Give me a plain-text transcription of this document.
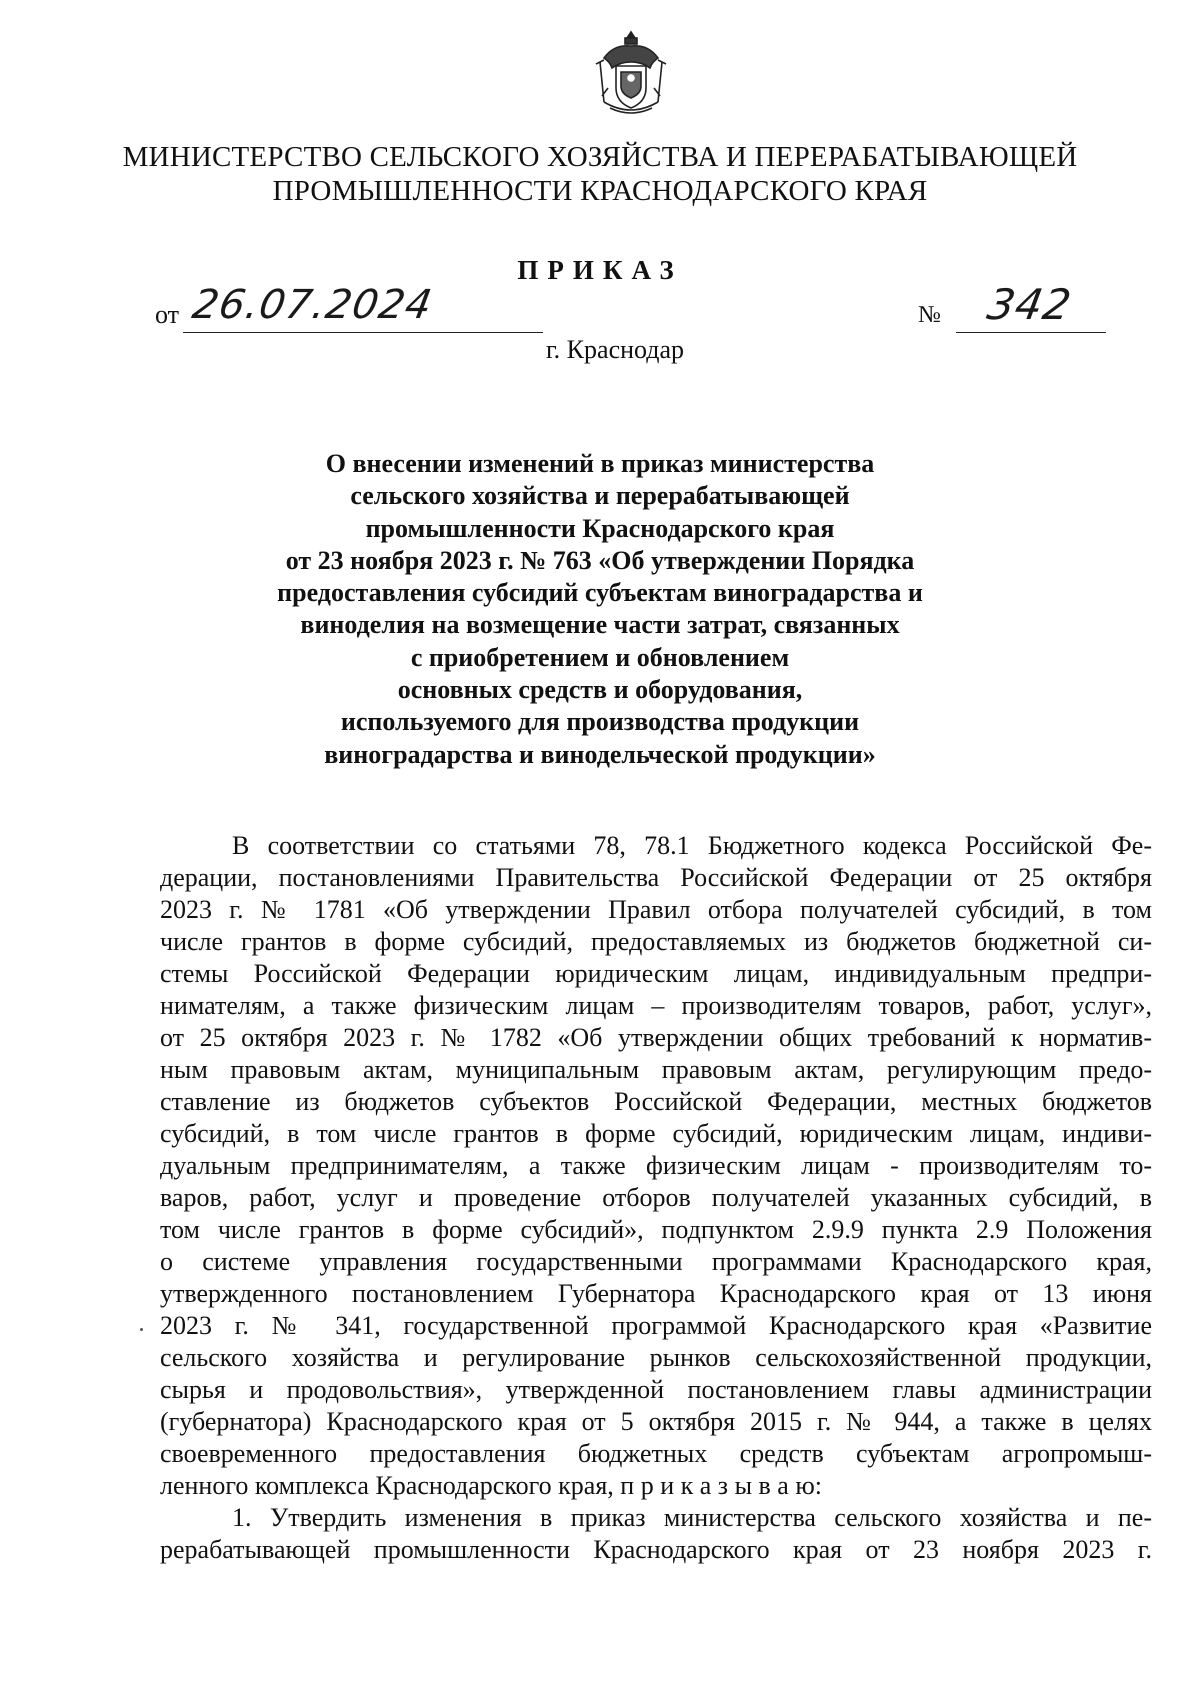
МИНИСТЕРСТВО СЕЛЬСКОГО ХОЗЯЙСТВА И ПЕРЕРАБАТЫВАЮЩЕЙ
ПРОМЫШЛЕННОСТИ КРАСНОДАРСКОГО КРАЯ
ПРИКАЗ
от 26.07.2024	№ 342
г. Краснодар
О внесении изменений в приказ министерства
сельского хозяйства и перерабатывающей
промышленности Краснодарского края
от 23 ноября 2023 г. № 763 «Об утверждении Порядка
предоставления субсидий субъектам виноградарства и
виноделия на возмещение части затрат, связанных
с приобретением и обновлением
основных средств и оборудования,
используемого для производства продукции
виноградарства и винодельческой продукции»
В соответствии со статьями 78, 78.1 Бюджетного кодекса Российской Фе-
дерации, постановлениями Правительства Российской Федерации от 25 октября
2023 г. № 1781 «Об утверждении Правил отбора получателей субсидий, в том
числе грантов в форме субсидий, предоставляемых из бюджетов бюджетной си-
стемы Российской Федерации юридическим лицам, индивидуальным предпри-
нимателям, а также физическим лицам – производителям товаров, работ, услуг»,
от 25 октября 2023 г. № 1782 «Об утверждении общих требований к норматив-
ным правовым актам, муниципальным правовым актам, регулирующим предо-
ставление из бюджетов субъектов Российской Федерации, местных бюджетов
субсидий, в том числе грантов в форме субсидий, юридическим лицам, индиви-
дуальным предпринимателям, а также физическим лицам - производителям то-
варов, работ, услуг и проведение отборов получателей указанных субсидий, в
том числе грантов в форме субсидий», подпунктом 2.9.9 пункта 2.9 Положения
о системе управления государственными программами Краснодарского края,
утвержденного постановлением Губернатора Краснодарского края от 13 июня
2023 г. № 341, государственной программой Краснодарского края «Развитие
сельского хозяйства и регулирование рынков сельскохозяйственной продукции,
сырья и продовольствия», утвержденной постановлением главы администрации
(губернатора) Краснодарского края от 5 октября 2015 г. № 944, а также в целях
своевременного предоставления бюджетных средств субъектам агропромыш-
ленного комплекса Краснодарского края, п р и к а з ы в а ю:
1. Утвердить изменения в приказ министерства сельского хозяйства и пе-
рерабатывающей промышленности Краснодарского края от 23 ноября 2023 г.
